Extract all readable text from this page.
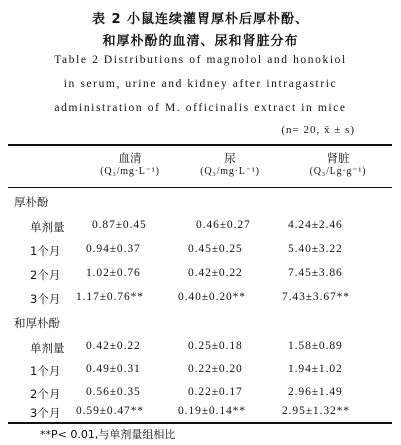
表 2 小鼠连续灌胃厚朴后厚朴酚、
和厚朴酚的血清、尿和肾脏分布
Table 2 Distributions of magnolol and honokiol
in serum, urine and kidney after intragastric
administration of M. officinalis extract in mice
(n= 20, x̄ ± s)
血清
(Q₃/mg·L⁻¹)
尿
(Q₃/mg·L⁻¹)
肾脏
(Q₃/Lg·g⁻¹)
厚朴酚
单剂量 0.87±0.45	0.46±0.27	4.24±2.46
1个月 0.94±0.37	0.45±0.25	5.40±3.22
2个月 1.02±0.76	0.42±0.22	7.45±3.86
3个月 1.17±0.76**	0.40±0.20**	7.43±3.67**
和厚朴酚
单剂量 0.42±0.22	0.25±0.18	1.58±0.89
1个月 0.49±0.31	0.22±0.20	1.94±1.02
2个月 0.56±0.35	0.22±0.17	2.96±1.49
3个月 0.59±0.47**	0.19±0.14**	2.95±1.32**
**P< 0.01,与单剂量组相比
